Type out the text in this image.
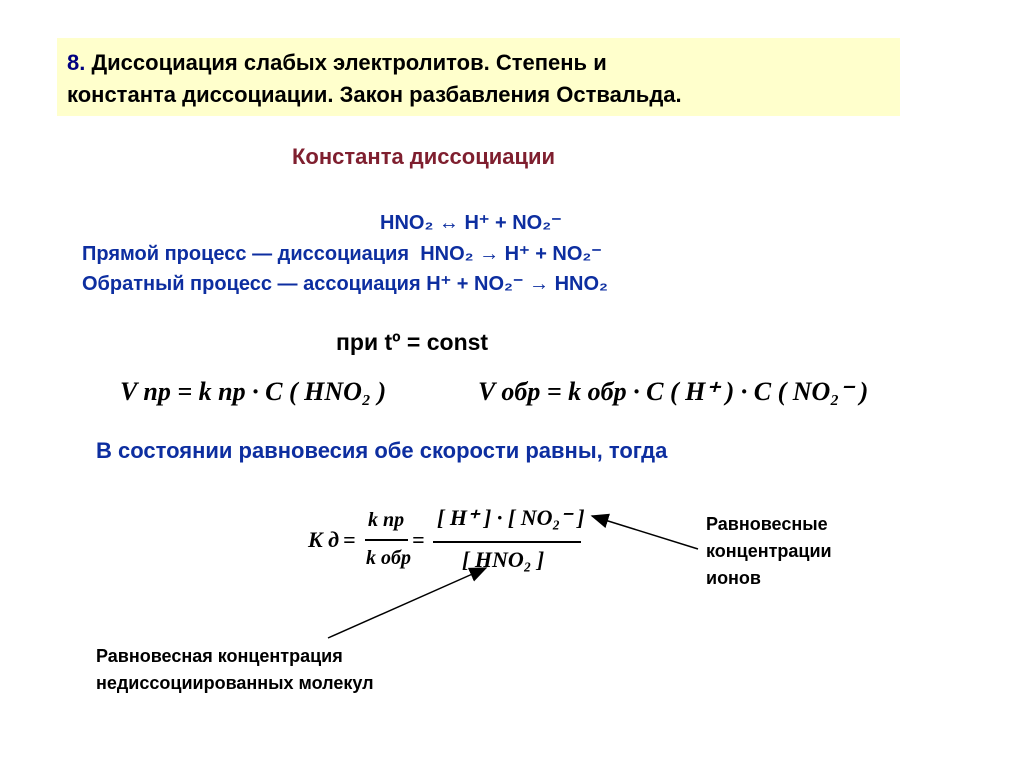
8. Диссоциация слабых электролитов. Степень и
константа диссоциации. Закон разбавления Оствальда.
Константа диссоциации
HNO₂ ↔ H⁺ + NO₂⁻
Прямой процесс — диссоциация HNO₂ → H⁺ + NO₂⁻
Обратный процесс — ассоциация H⁺ + NO₂⁻ → HNO₂
при tº = const
V пр = k пр · C ( HNO₂ )	V обр = k обр · C ( H⁺ ) · C ( NO₂⁻ )
В состоянии равновесия обе скорости равны, тогда
K д =
k пр
k обр
=
[ H⁺ ] · [ NO₂⁻ ]
[ HNO₂ ]
Равновесные
концентрации
ионов
Равновесная концентрация
недиссоциированных молекул
